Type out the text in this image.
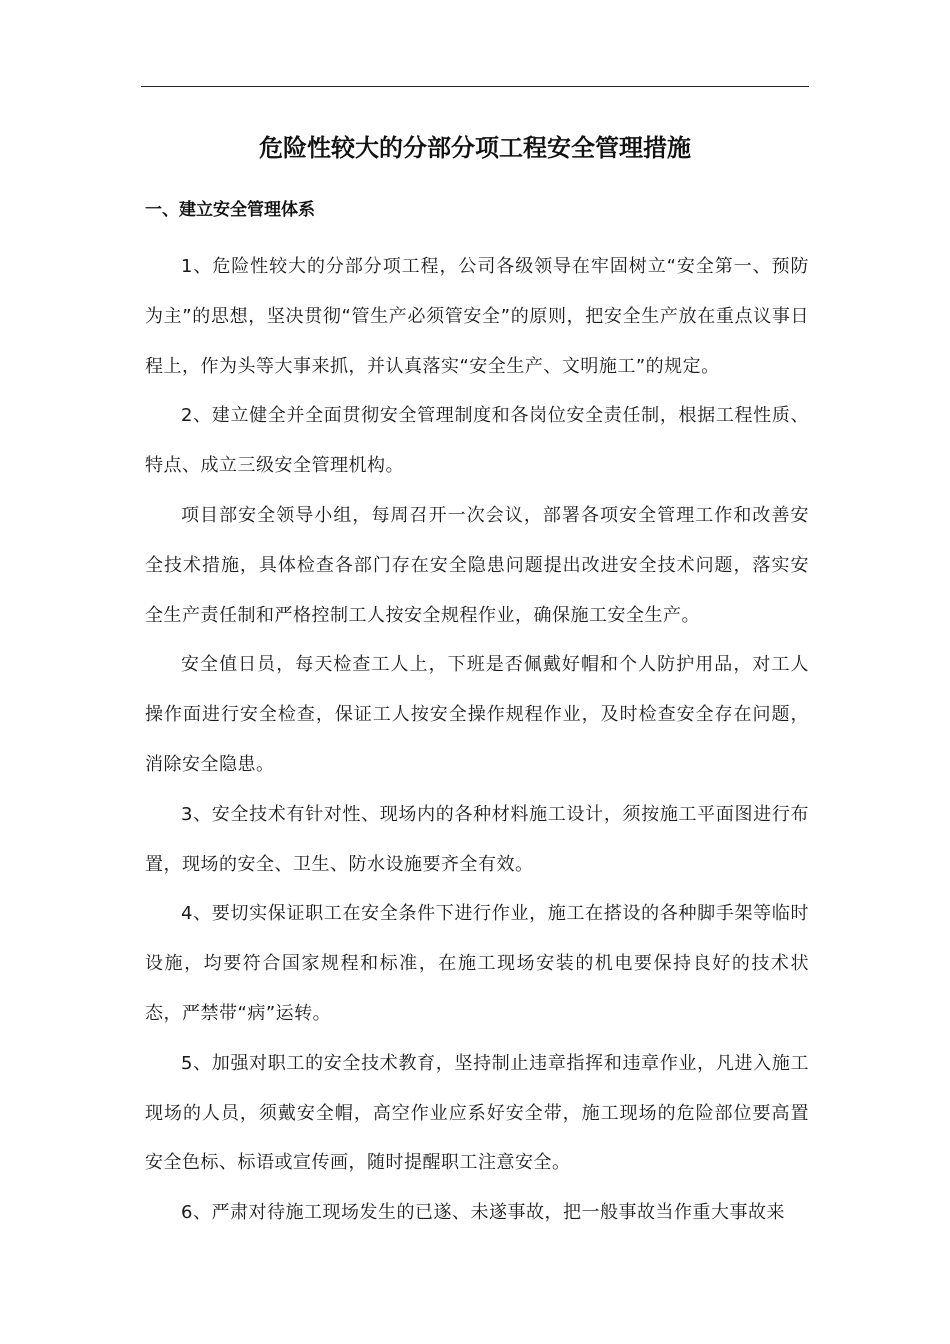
危险性较大的分部分项工程安全管理措施
一、建立安全管理体系

1、危险性较大的分部分项工程，公司各级领导在牢固树立“安全第一、预防为主”的思想，坚决贯彻“管生产必须管安全”的原则，把安全生产放在重点议事日程上，作为头等大事来抓，并认真落实“安全生产、文明施工”的规定。

2、建立健全并全面贯彻安全管理制度和各岗位安全责任制，根据工程性质、特点、成立三级安全管理机构。

项目部安全领导小组，每周召开一次会议，部署各项安全管理工作和改善安全技术措施，具体检查各部门存在安全隐患问题提出改进安全技术问题，落实安全生产责任制和严格控制工人按安全规程作业，确保施工安全生产。

安全值日员，每天检查工人上，下班是否佩戴好帽和个人防护用品，对工人操作面进行安全检查，保证工人按安全操作规程作业，及时检查安全存在问题，消除安全隐患。

3、安全技术有针对性、现场内的各种材料施工设计，须按施工平面图进行布置，现场的安全、卫生、防水设施要齐全有效。

4、要切实保证职工在安全条件下进行作业，施工在搭设的各种脚手架等临时设施，均要符合国家规程和标准，在施工现场安装的机电要保持良好的技术状态，严禁带“病”运转。

5、加强对职工的安全技术教育，坚持制止违章指挥和违章作业，凡进入施工现场的人员，须戴安全帽，高空作业应系好安全带，施工现场的危险部位要高置安全色标、标语或宣传画，随时提醒职工注意安全。

6、严肃对待施工现场发生的已遂、未遂事故，把一般事故当作重大事故来
